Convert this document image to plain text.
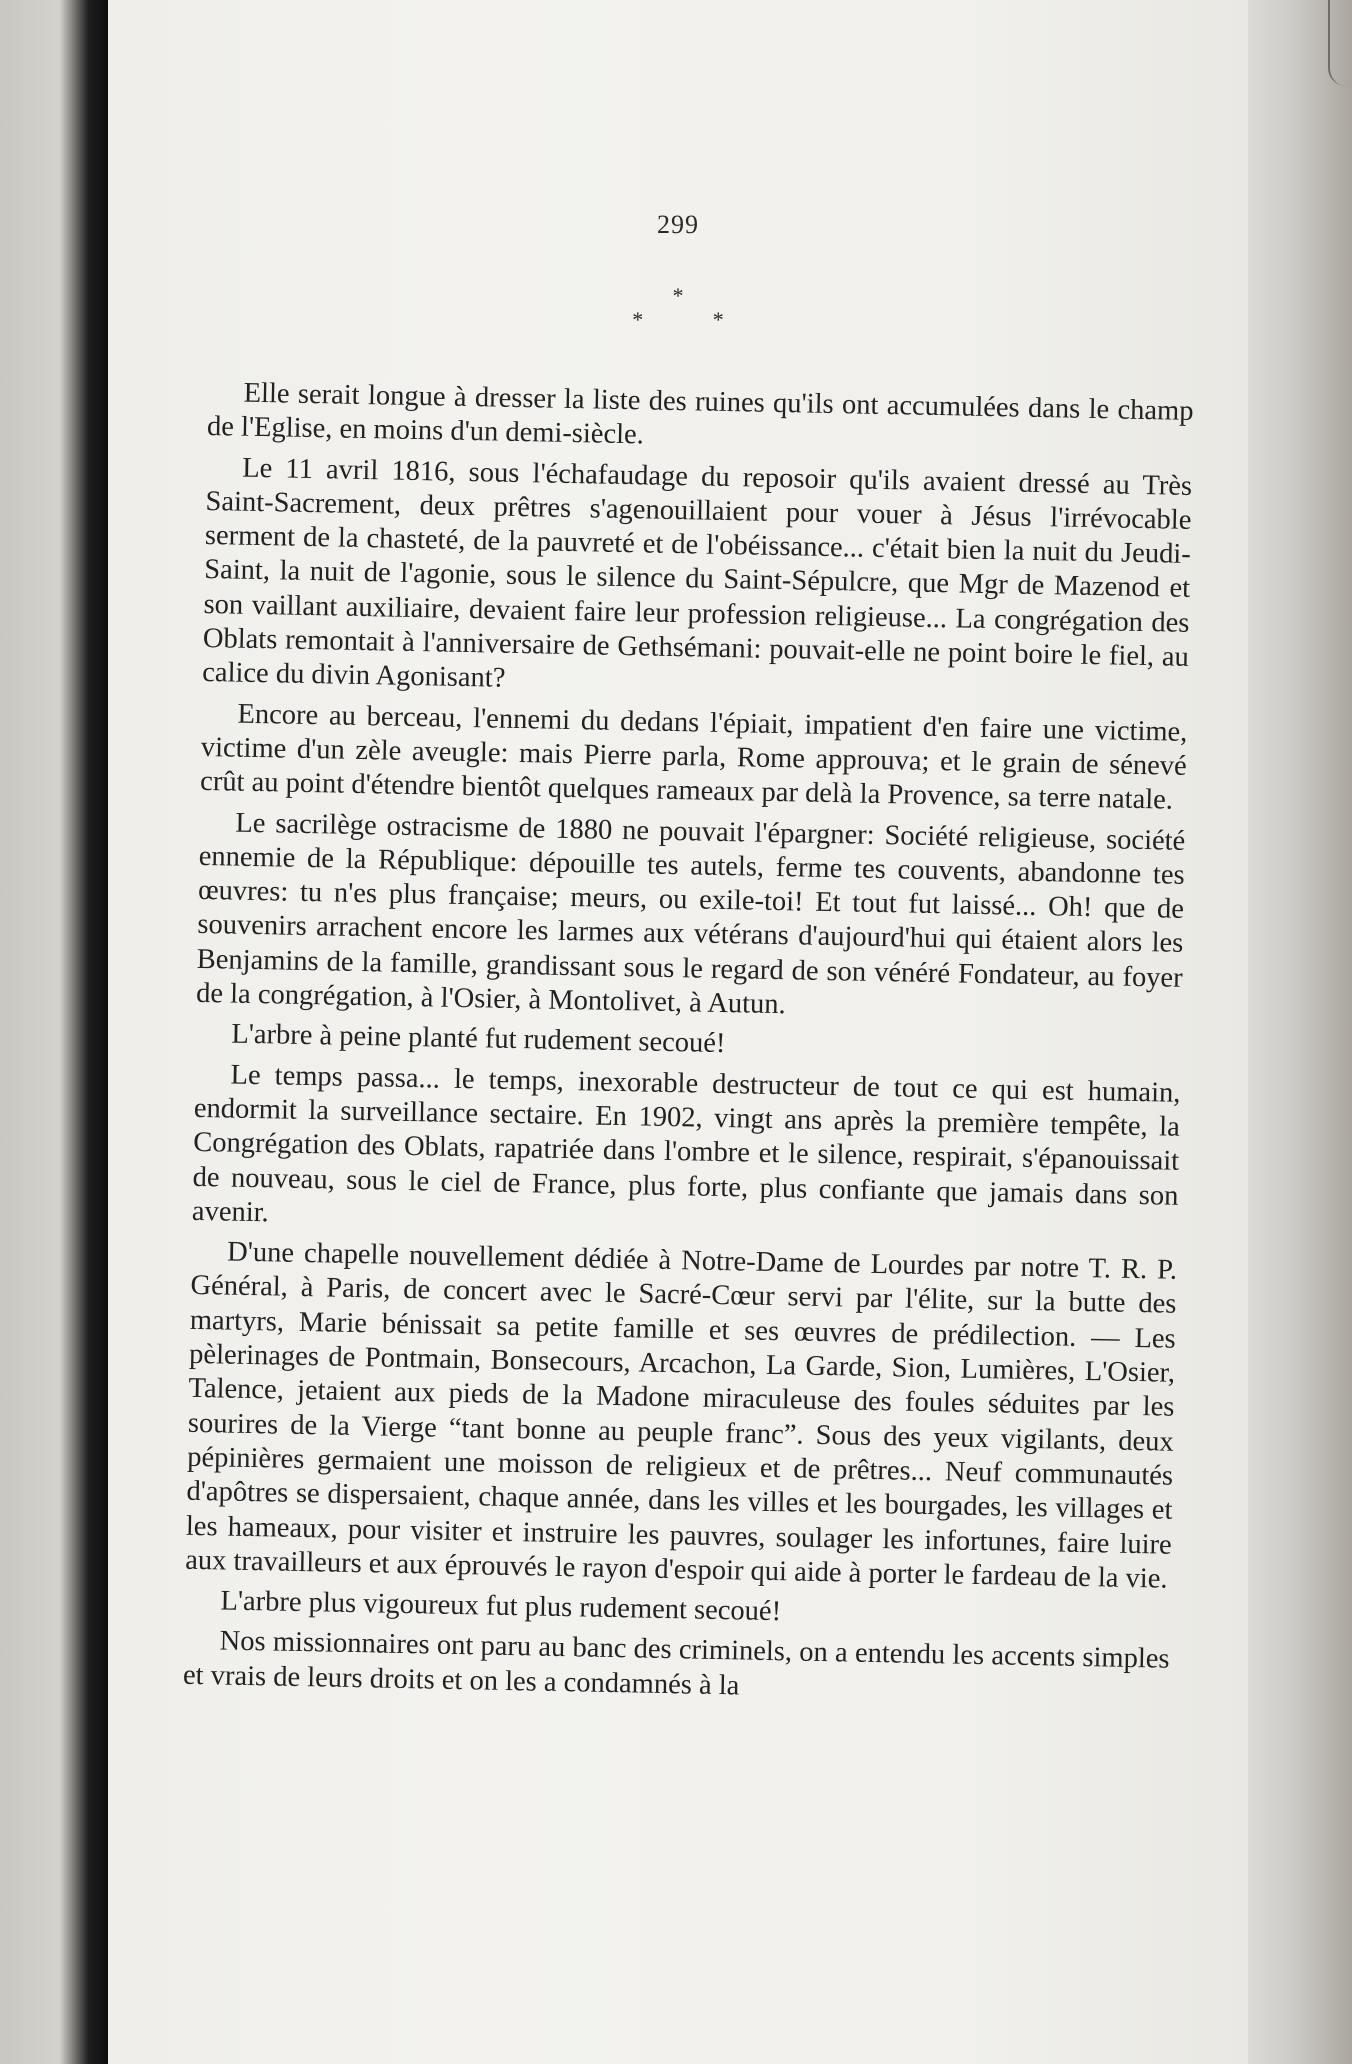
299
*
* *

Elle serait longue à dresser la liste des ruines qu'ils ont accumulées dans le champ de l'Eglise, en moins d'un demi-siècle.

Le 11 avril 1816, sous l'échafaudage du reposoir qu'ils avaient dressé au Très Saint-Sacrement, deux prêtres s'agenouillaient pour vouer à Jésus l'irrévocable serment de la chasteté, de la pauvreté et de l'obéissance... c'était bien la nuit du Jeudi-Saint, la nuit de l'agonie, sous le silence du Saint-Sépulcre, que Mgr de Mazenod et son vaillant auxiliaire, devaient faire leur profession religieuse... La congrégation des Oblats remontait à l'anniversaire de Gethsémani: pouvait-elle ne point boire le fiel, au calice du divin Agonisant?

Encore au berceau, l'ennemi du dedans l'épiait, impatient d'en faire une victime, victime d'un zèle aveugle: mais Pierre parla, Rome approuva; et le grain de sénevé crût au point d'étendre bientôt quelques rameaux par delà la Provence, sa terre natale.

Le sacrilège ostracisme de 1880 ne pouvait l'épargner: Société religieuse, société ennemie de la République: dépouille tes autels, ferme tes couvents, abandonne tes œuvres: tu n'es plus française; meurs, ou exile-toi! Et tout fut laissé... Oh! que de souvenirs arrachent encore les larmes aux vétérans d'aujourd'hui qui étaient alors les Benjamins de la famille, grandissant sous le regard de son vénéré Fondateur, au foyer de la congrégation, à l'Osier, à Montolivet, à Autun.

L'arbre à peine planté fut rudement secoué!

Le temps passa... le temps, inexorable destructeur de tout ce qui est humain, endormit la surveillance sectaire. En 1902, vingt ans après la première tempête, la Congrégation des Oblats, rapatriée dans l'ombre et le silence, respirait, s'épanouissait de nouveau, sous le ciel de France, plus forte, plus confiante que jamais dans son avenir.

D'une chapelle nouvellement dédiée à Notre-Dame de Lourdes par notre T. R. P. Général, à Paris, de concert avec le Sacré-Cœur servi par l'élite, sur la butte des martyrs, Marie bénissait sa petite famille et ses œuvres de prédilection. — Les pèlerinages de Pontmain, Bonsecours, Arcachon, La Garde, Sion, Lumières, L'Osier, Talence, jetaient aux pieds de la Madone miraculeuse des foules séduites par les sourires de la Vierge “tant bonne au peuple franc”. Sous des yeux vigilants, deux pépinières germaient une moisson de religieux et de prêtres... Neuf communautés d'apôtres se dispersaient, chaque année, dans les villes et les bourgades, les villages et les hameaux, pour visiter et instruire les pauvres, soulager les infortunes, faire luire aux travailleurs et aux éprouvés le rayon d'espoir qui aide à porter le fardeau de la vie.

L'arbre plus vigoureux fut plus rudement secoué!

Nos missionnaires ont paru au banc des criminels, on a entendu les accents simples et vrais de leurs droits et on les a condamnés à la
